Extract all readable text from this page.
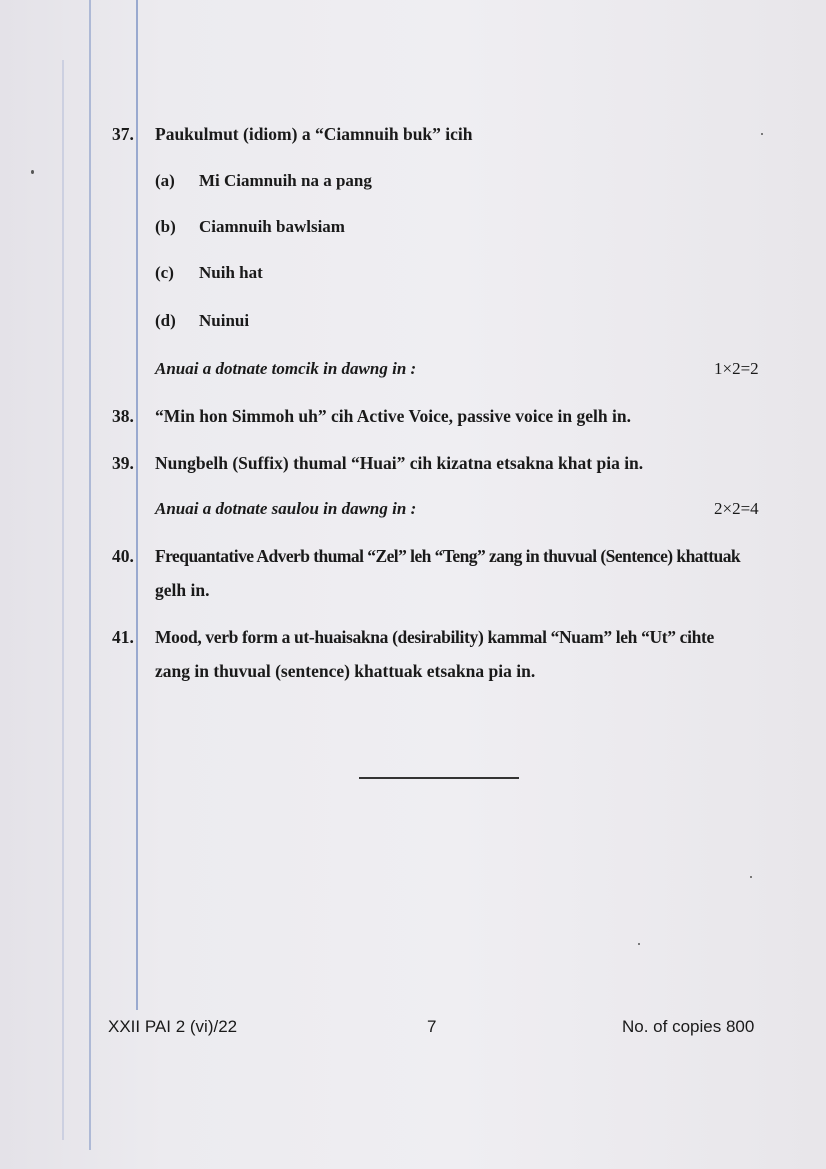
37. Paukulmut (idiom) a “Ciamnuih buk” icih
(a) Mi Ciamnuih na a pang
(b) Ciamnuih bawlsiam
(c) Nuih hat
(d) Nuinui
Anuai a dotnate tomcik in dawng in :	1×2=2
38. “Min hon Simmoh uh” cih Active Voice, passive voice in gelh in.
39. Nungbelh (Suffix) thumal “Huai” cih kizatna etsakna khat pia in.
Anuai a dotnate saulou in dawng in :	2×2=4
40. Frequantative Adverb thumal “Zel” leh “Teng” zang in thuvual (Sentence) khattuak
gelh in.
41. Mood, verb form a ut-huaisakna (desirability) kammal “Nuam” leh “Ut” cihte
zang in thuvual (sentence) khattuak etsakna pia in.
XXII PAI 2 (vi)/22	7	No. of copies 800
